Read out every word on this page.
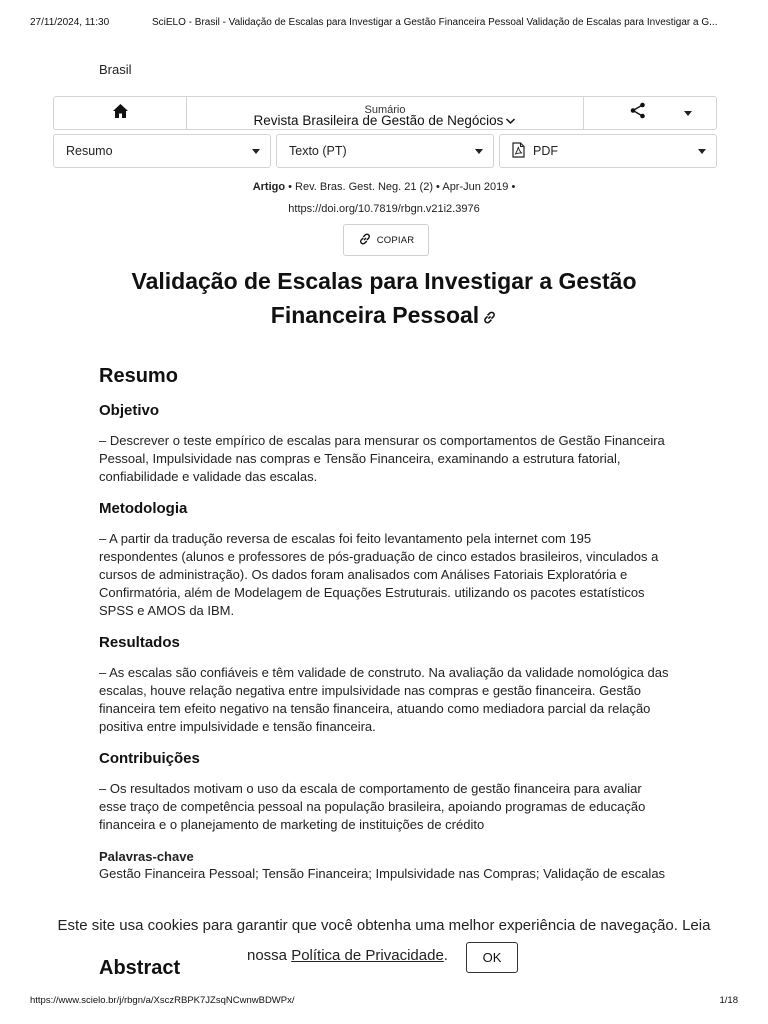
27/11/2024, 11:30	SciELO - Brasil - Validação de Escalas para Investigar a Gestão Financeira Pessoal Validação de Escalas para Investigar a G...
Brasil
Sumário
Revista Brasileira de Gestão de Negócios
Resumo	Texto (PT)	PDF
Artigo • Rev. Bras. Gest. Neg. 21 (2) • Apr-Jun 2019 •
https://doi.org/10.7819/rbgn.v21i2.3976
COPIAR
Validação de Escalas para Investigar a Gestão Financeira Pessoal
Resumo
Objetivo

– Descrever o teste empírico de escalas para mensurar os comportamentos de Gestão Financeira Pessoal, Impulsividade nas compras e Tensão Financeira, examinando a estrutura fatorial, confiabilidade e validade das escalas.

Metodologia

– A partir da tradução reversa de escalas foi feito levantamento pela internet com 195 respondentes (alunos e professores de pós-graduação de cinco estados brasileiros, vinculados a cursos de administração). Os dados foram analisados com Análises Fatoriais Exploratória e Confirmatória, além de Modelagem de Equações Estruturais. utilizando os pacotes estatísticos SPSS e AMOS da IBM.

Resultados

– As escalas são confiáveis e têm validade de construto. Na avaliação da validade nomológica das escalas, houve relação negativa entre impulsividade nas compras e gestão financeira. Gestão financeira tem efeito negativo na tensão financeira, atuando como mediadora parcial da relação positiva entre impulsividade e tensão financeira.

Contribuições

– Os resultados motivam o uso da escala de comportamento de gestão financeira para avaliar esse traço de competência pessoal na população brasileira, apoiando programas de educação financeira e o planejamento de marketing de instituições de crédito

Palavras-chave
Gestão Financeira Pessoal; Tensão Financeira; Impulsividade nas Compras; Validação de escalas
Abstract
Este site usa cookies para garantir que você obtenha uma melhor experiência de navegação. Leia
nossa Política de Privacidade.	OK
https://www.scielo.br/j/rbgn/a/XsczRBPK7JZsqNCwnwBDWPx/	1/18
